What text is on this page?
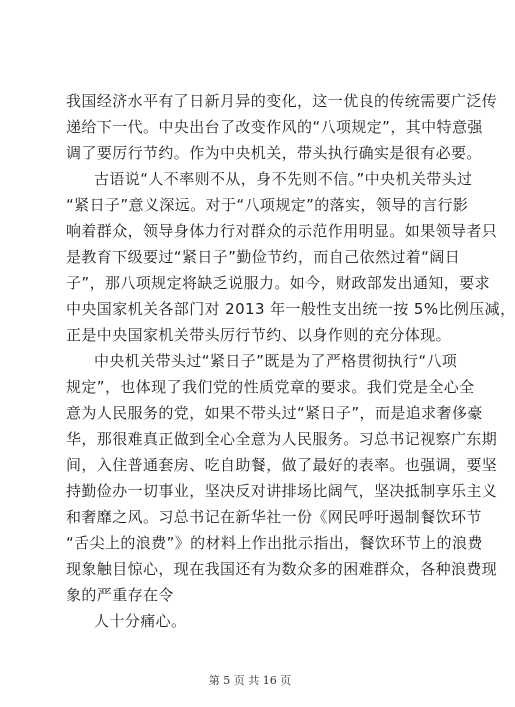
我国经济水平有了日新月异的变化，这一优良的传统需要广泛传
递给下一代。中央出台了改变作风的“八项规定”，其中特意强
调了要厉行节约。作为中央机关，带头执行确实是很有必要。
古语说“人不率则不从，身不先则不信。”中央机关带头过
“紧日子”意义深远。对于“八项规定”的落实，领导的言行影
响着群众，领导身体力行对群众的示范作用明显。如果领导者只
是教育下级要过“紧日子”勤俭节约，而自己依然过着“阔日
子”，那八项规定将缺乏说服力。如今，财政部发出通知，要求
中央国家机关各部门对 2013 年一般性支出统一按 5%比例压减，
正是中央国家机关带头厉行节约、以身作则的充分体现。
中央机关带头过“紧日子”既是为了严格贯彻执行“八项
规定”，也体现了我们党的性质党章的要求。我们党是全心全
意为人民服务的党，如果不带头过“紧日子”，而是追求奢侈豪
华，那很难真正做到全心全意为人民服务。习总书记视察广东期
间，入住普通套房、吃自助餐，做了最好的表率。也强调，要坚
持勤俭办一切事业，坚决反对讲排场比阔气，坚决抵制享乐主义
和奢靡之风。习总书记在新华社一份《网民呼吁遏制餐饮环节
“舌尖上的浪费”》的材料上作出批示指出，餐饮环节上的浪费
现象触目惊心，现在我国还有为数众多的困难群众，各种浪费现
象的严重存在令
人十分痛心。
第 5 页 共 16 页
